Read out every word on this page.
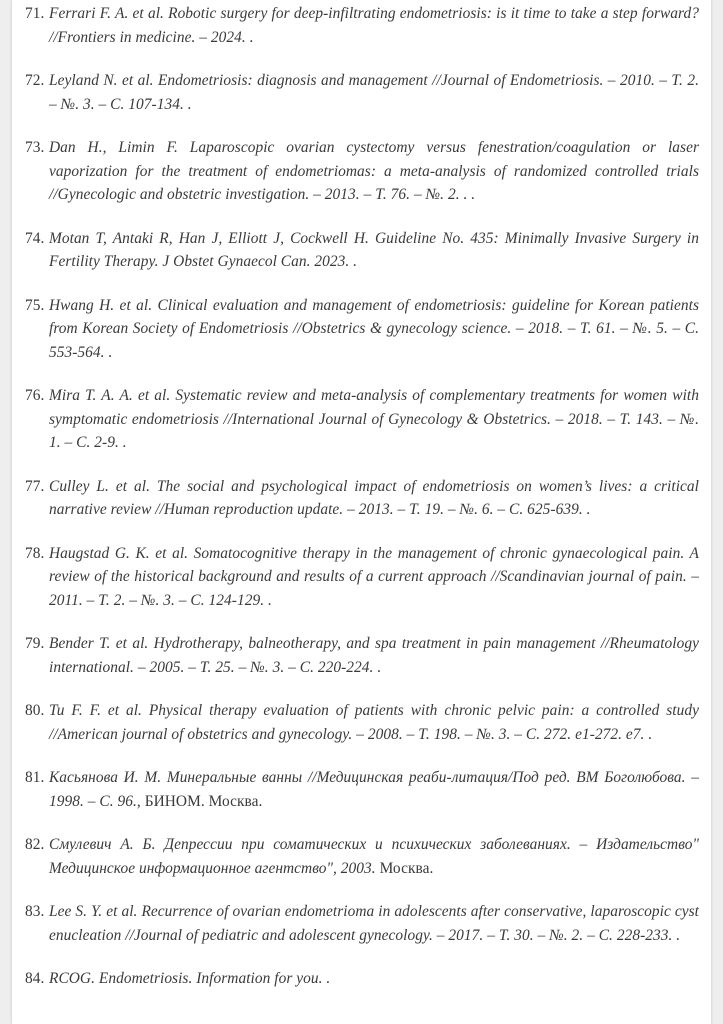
71. Ferrari F. A. et al. Robotic surgery for deep-infiltrating endometriosis: is it time to take a step forward? //Frontiers in medicine. – 2024. .
72. Leyland N. et al. Endometriosis: diagnosis and management //Journal of Endometriosis. – 2010. – Т. 2. – №. 3. – С. 107-134. .
73. Dan H., Limin F. Laparoscopic ovarian cystectomy versus fenestration/coagulation or laser vaporization for the treatment of endometriomas: a meta-analysis of randomized controlled trials //Gynecologic and obstetric investigation. – 2013. – Т. 76. – №. 2. . .
74. Motan T, Antaki R, Han J, Elliott J, Cockwell H. Guideline No. 435: Minimally Invasive Surgery in Fertility Therapy. J Obstet Gynaecol Can. 2023. .
75. Hwang H. et al. Clinical evaluation and management of endometriosis: guideline for Korean patients from Korean Society of Endometriosis //Obstetrics & gynecology science. – 2018. – Т. 61. – №. 5. – С. 553-564. .
76. Mira T. A. A. et al. Systematic review and meta-analysis of complementary treatments for women with symptomatic endometriosis //International Journal of Gynecology & Obstetrics. – 2018. – Т. 143. – №. 1. – С. 2-9. .
77. Culley L. et al. The social and psychological impact of endometriosis on women’s lives: a critical narrative review //Human reproduction update. – 2013. – Т. 19. – №. 6. – С. 625-639. .
78. Haugstad G. K. et al. Somatocognitive therapy in the management of chronic gynaecological pain. A review of the historical background and results of a current approach //Scandinavian journal of pain. – 2011. – Т. 2. – №. 3. – С. 124-129. .
79. Bender T. et al. Hydrotherapy, balneotherapy, and spa treatment in pain management //Rheumatology international. – 2005. – Т. 25. – №. 3. – С. 220-224. .
80. Tu F. F. et al. Physical therapy evaluation of patients with chronic pelvic pain: a controlled study //American journal of obstetrics and gynecology. – 2008. – Т. 198. – №. 3. – С. 272. e1-272. e7. .
81. Касьянова И. М. Минеральные ванны //Медицинская реаби-литация/Под ред. ВМ Боголюбова. – 1998. – С. 96., БИНОМ. Москва.
82. Смулевич А. Б. Депрессии при соматических и психических заболеваниях. – Издательство" Медицинское информационное агентство", 2003. Москва.
83. Lee S. Y. et al. Recurrence of ovarian endometrioma in adolescents after conservative, laparoscopic cyst enucleation //Journal of pediatric and adolescent gynecology. – 2017. – Т. 30. – №. 2. – С. 228-233. .
84. RCOG. Endometriosis. Information for you. .
